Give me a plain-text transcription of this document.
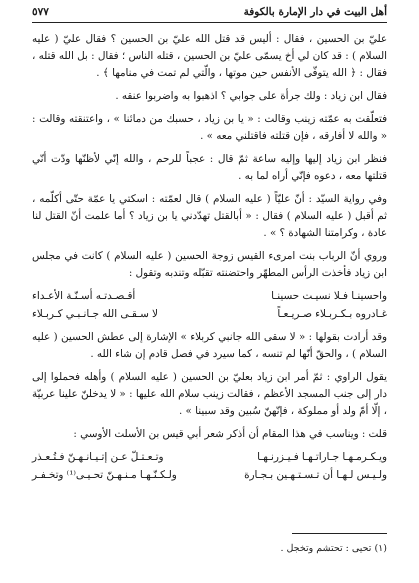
أهل البيت في دار الإمارة بالكوفة
٥٧٧

عليّ بن الحسين ، فقال : أليس قد قتل الله عليّ بن الحسين ؟ فقال عليّ ( عليه السلام ) : قد كان لي أخ يسمّى عليّ بن الحسين ، قتله الناس ؛ فقال : بل الله قتله ، فقال : ﴿ الله يتوفّى الأنفس حين موتها ، والّتي لم تمت في منامها ﴾ .

فقال ابن زياد : ولك جرأة على جوابي ؟ اذهبوا به واضربوا عنقه .

فتعلّقت به عمّته زينب وقالت : « يا بن زياد ، حسبك من دمائنا » ، واعتنقته وقالت : « والله لا أفارقه ، فإن قتلته فاقتلني معه » .

فنظر ابن زياد إليها وإليه ساعة ثمّ قال : عجباً للرحم ، والله إنّي لأظنّها ودّت أنّي قتلتها معه ، دعوه فإنّي أراه لما به .

وفي رواية السيّد : أنّ عليّاً ( عليه السلام ) قال لعمّته : اسكتي يا عمّة حتّى أكلّمه ، ثم أقبل ( عليه السلام ) فقال : « أبالقتل تهدّدني يا بن زياد ؟ أما علمت أنّ القتل لنا عادة ، وكرامتنا الشهادة ؟ » .

وروي أنّ الرباب بنت امرىء القيس زوجة الحسين ( عليه السلام ) كانت في مجلس ابن زياد فأخذت الرأس المطهّر واحتضنته تقبّله وتندبه وتقول :

واحسينـا فـلا نسيـت حسينـا
أقـصـدتـه أسـنّـة الأعـداء
غـادروه بـكـربـلاء صـريـعـاً
لا سـقـى الله جـانـبـي كـربـلاء

وقد أرادت بقولها : « لا سقى الله جانبي كربلاء » الإشارة إلى عطش الحسين ( عليه السلام ) ، والحقّ أنّها لم تنسه ، كما سيرد في فصل قادم إن شاء الله .

يقول الراوي : ثمّ أمر ابن زياد بعليّ بن الحسين ( عليه السلام ) وأهله فحملوا إلى دار إلى جنب المسجد الأعظم ، فقالت زينب سلام الله عليها : « لا يدخلنّ علينا عربيّة ، إلّا أمّ ولد أو مملوكة ، فإنّهنّ سُبين وقد سبينا » .

قلت : ويناسب في هذا المقام أن أذكر شعر أبي قيس بن الأسلت الأوسي :

ويـكـرمـهـا جـاراتـهـا فـيـزرنـهـا
وتـعـتـلّ عـن إتـيـانـهـنّ فـتُـعـذر
ولـيـس لـهـا أن تـسـتـهـين بـجـارة
ولـكـنّـهـا مـنـهـنّ تحـيـى⁽¹⁾ وتخـفـر
(١) تحيى : تحتشم وتخجل .
